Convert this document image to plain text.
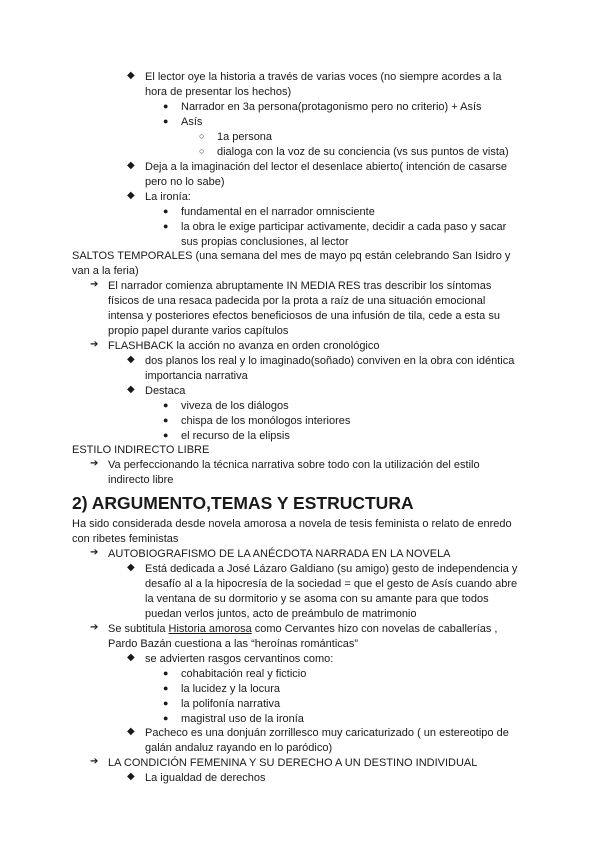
◆ El lector oye la historia a través de varias voces (no siempre acordes a la
hora de presentar los hechos)
● Narrador en 3a persona(protagonismo pero no criterio) + Asís
● Asís
○ 1a persona
○ dialoga con la voz de su conciencia (vs sus puntos de vista)
◆ Deja a la imaginación del lector el desenlace abierto( intención de casarse
pero no lo sabe)
◆ La ironía:
● fundamental en el narrador omnisciente
● la obra le exige participar activamente, decidir a cada paso y sacar
sus propias conclusiones, al lector
SALTOS TEMPORALES (una semana del mes de mayo pq están celebrando San Isidro y
van a la feria)
➔ El narrador comienza abruptamente IN MEDIA RES tras describir los síntomas
físicos de una resaca padecida por la prota a raíz de una situación emocional
intensa y posteriores efectos beneficiosos de una infusión de tila, cede a esta su
propio papel durante varios capítulos
➔ FLASHBACK la acción no avanza en orden cronológico
◆ dos planos los real y lo imaginado(soñado) conviven en la obra con idéntica
importancia narrativa
◆ Destaca
● viveza de los diálogos
● chispa de los monólogos interiores
● el recurso de la elipsis
ESTILO INDIRECTO LIBRE
➔ Va perfeccionando la técnica narrativa sobre todo con la utilización del estilo
indirecto libre
2) ARGUMENTO,TEMAS Y ESTRUCTURA
Ha sido considerada desde novela amorosa a novela de tesis feminista o relato de enredo
con ribetes feministas
➔ AUTOBIOGRAFISMO DE LA ANÉCDOTA NARRADA EN LA NOVELA
◆ Está dedicada a José Lázaro Galdiano (su amigo) gesto de independencia y
desafío al a la hipocresía de la sociedad = que el gesto de Asís cuando abre
la ventana de su dormitorio y se asoma con su amante para que todos
puedan verlos juntos, acto de preámbulo de matrimonio
➔ Se subtitula Historia amorosa como Cervantes hizo con novelas de caballerías ,
Pardo Bazán cuestiona a las “heroínas románticas”
◆ se advierten rasgos cervantinos como:
● cohabitación real y ficticio
● la lucidez y la locura
● la polifonía narrativa
● magistral uso de la ironía
◆ Pacheco es una donjuán zorrillesco muy caricaturizado ( un estereotipo de
galán andaluz rayando en lo paródico)
➔ LA CONDICIÓN FEMENINA Y SU DERECHO A UN DESTINO INDIVIDUAL
◆ La igualdad de derechos
